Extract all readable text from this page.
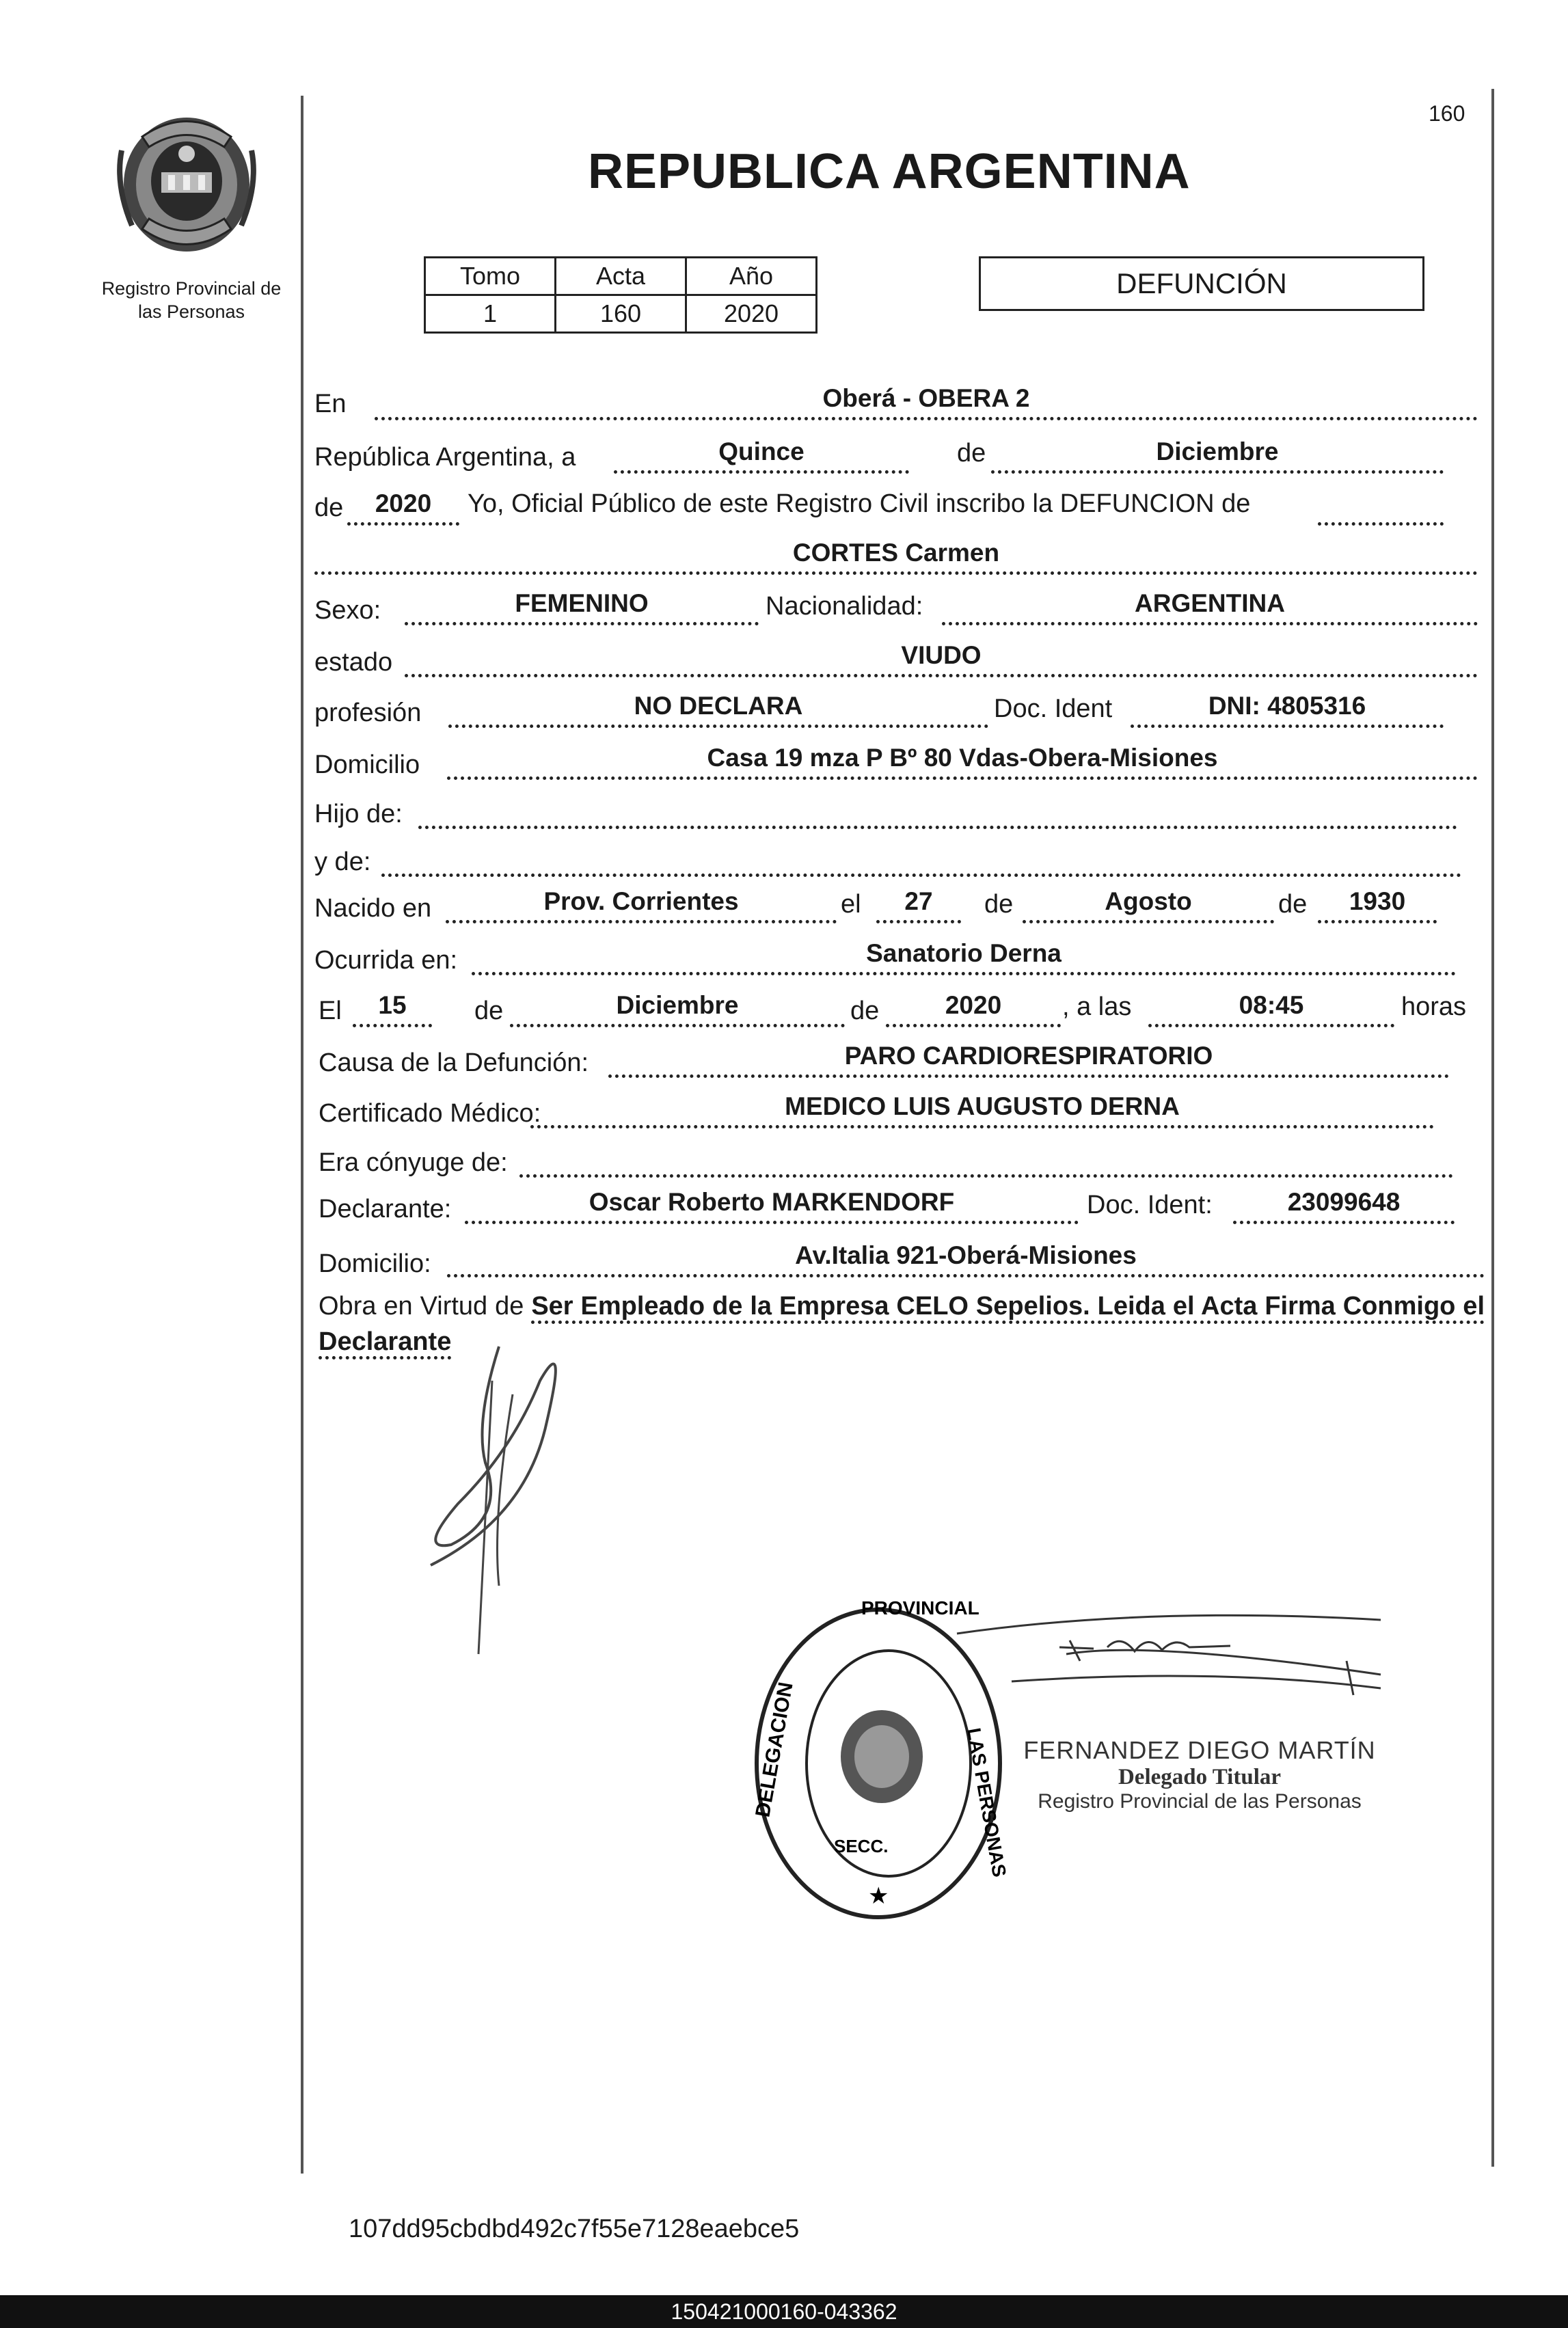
Registro Provincial de
las Personas
160
REPUBLICA ARGENTINA
Tomo	Acta	Año
1	160	2020
DEFUNCIÓN
En	Oberá - OBERA 2
República Argentina, a	Quince	de	Diciembre
de	2020	Yo, Oficial Público de este Registro Civil inscribo la DEFUNCION de
CORTES Carmen
Sexo:	FEMENINO	Nacionalidad:	ARGENTINA
estado	VIUDO
profesión	NO DECLARA	Doc. Ident	DNI: 4805316
Domicilio	Casa 19 mza P Bº 80 Vdas-Obera-Misiones
Hijo de:
y de:
Nacido en	Prov. Corrientes	el	27	de	Agosto	de	1930
Ocurrida en:	Sanatorio Derna
El	15	de	Diciembre	de	2020	, a las	08:45	horas
Causa de la Defunción:	PARO CARDIORESPIRATORIO
Certificado Médico:	MEDICO LUIS AUGUSTO DERNA
Era cónyuge de:
Declarante:	Oscar Roberto MARKENDORF	Doc. Ident:	23099648
Domicilio:	Av.Italia 921-Oberá-Misiones
Obra en Virtud de Ser Empleado de la Empresa CELO Sepelios. Leida el Acta Firma Conmigo el Declarante
DELEGACION
PROVINCIAL
LAS PERSONAS
SECC.
★
FERNANDEZ DIEGO MARTÍN
Delegado Titular
Registro Provincial de las Personas
107dd95cbdbd492c7f55e7128eaebce5
150421000160-043362
